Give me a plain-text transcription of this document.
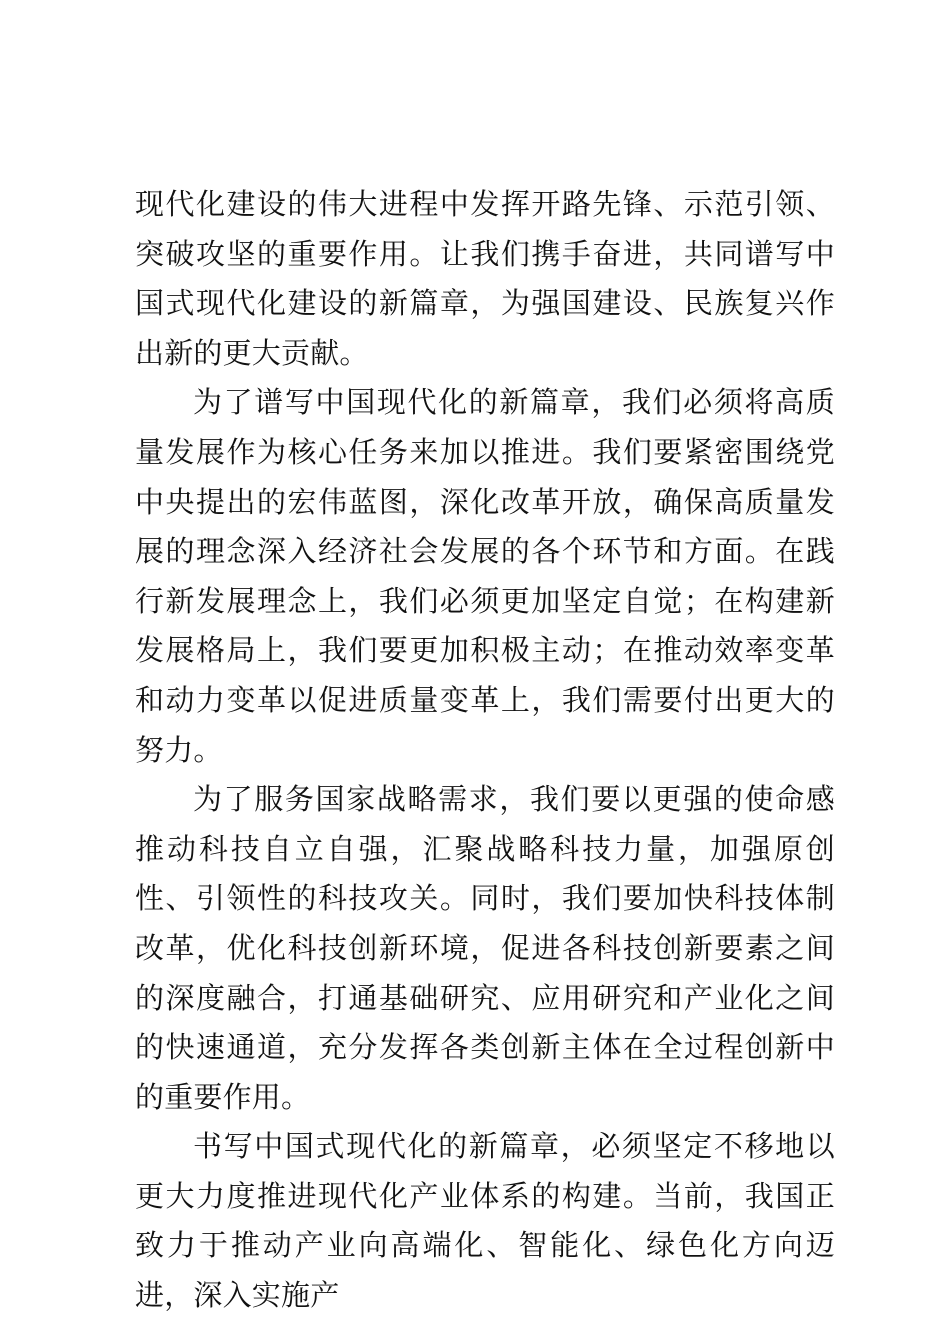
现代化建设的伟大进程中发挥开路先锋、示范引领、突破攻坚的重要作用。让我们携手奋进，共同谱写中国式现代化建设的新篇章，为强国建设、民族复兴作出新的更大贡献。

为了谱写中国现代化的新篇章，我们必须将高质量发展作为核心任务来加以推进。我们要紧密围绕党中央提出的宏伟蓝图，深化改革开放，确保高质量发展的理念深入经济社会发展的各个环节和方面。在践行新发展理念上，我们必须更加坚定自觉；在构建新发展格局上，我们要更加积极主动；在推动效率变革和动力变革以促进质量变革上，我们需要付出更大的努力。

为了服务国家战略需求，我们要以更强的使命感推动科技自立自强，汇聚战略科技力量，加强原创性、引领性的科技攻关。同时，我们要加快科技体制改革，优化科技创新环境，促进各科技创新要素之间的深度融合，打通基础研究、应用研究和产业化之间的快速通道，充分发挥各类创新主体在全过程创新中的重要作用。

书写中国式现代化的新篇章，必须坚定不移地以更大力度推进现代化产业体系的构建。当前，我国正致力于推动产业向高端化、智能化、绿色化方向迈进，深入实施产
